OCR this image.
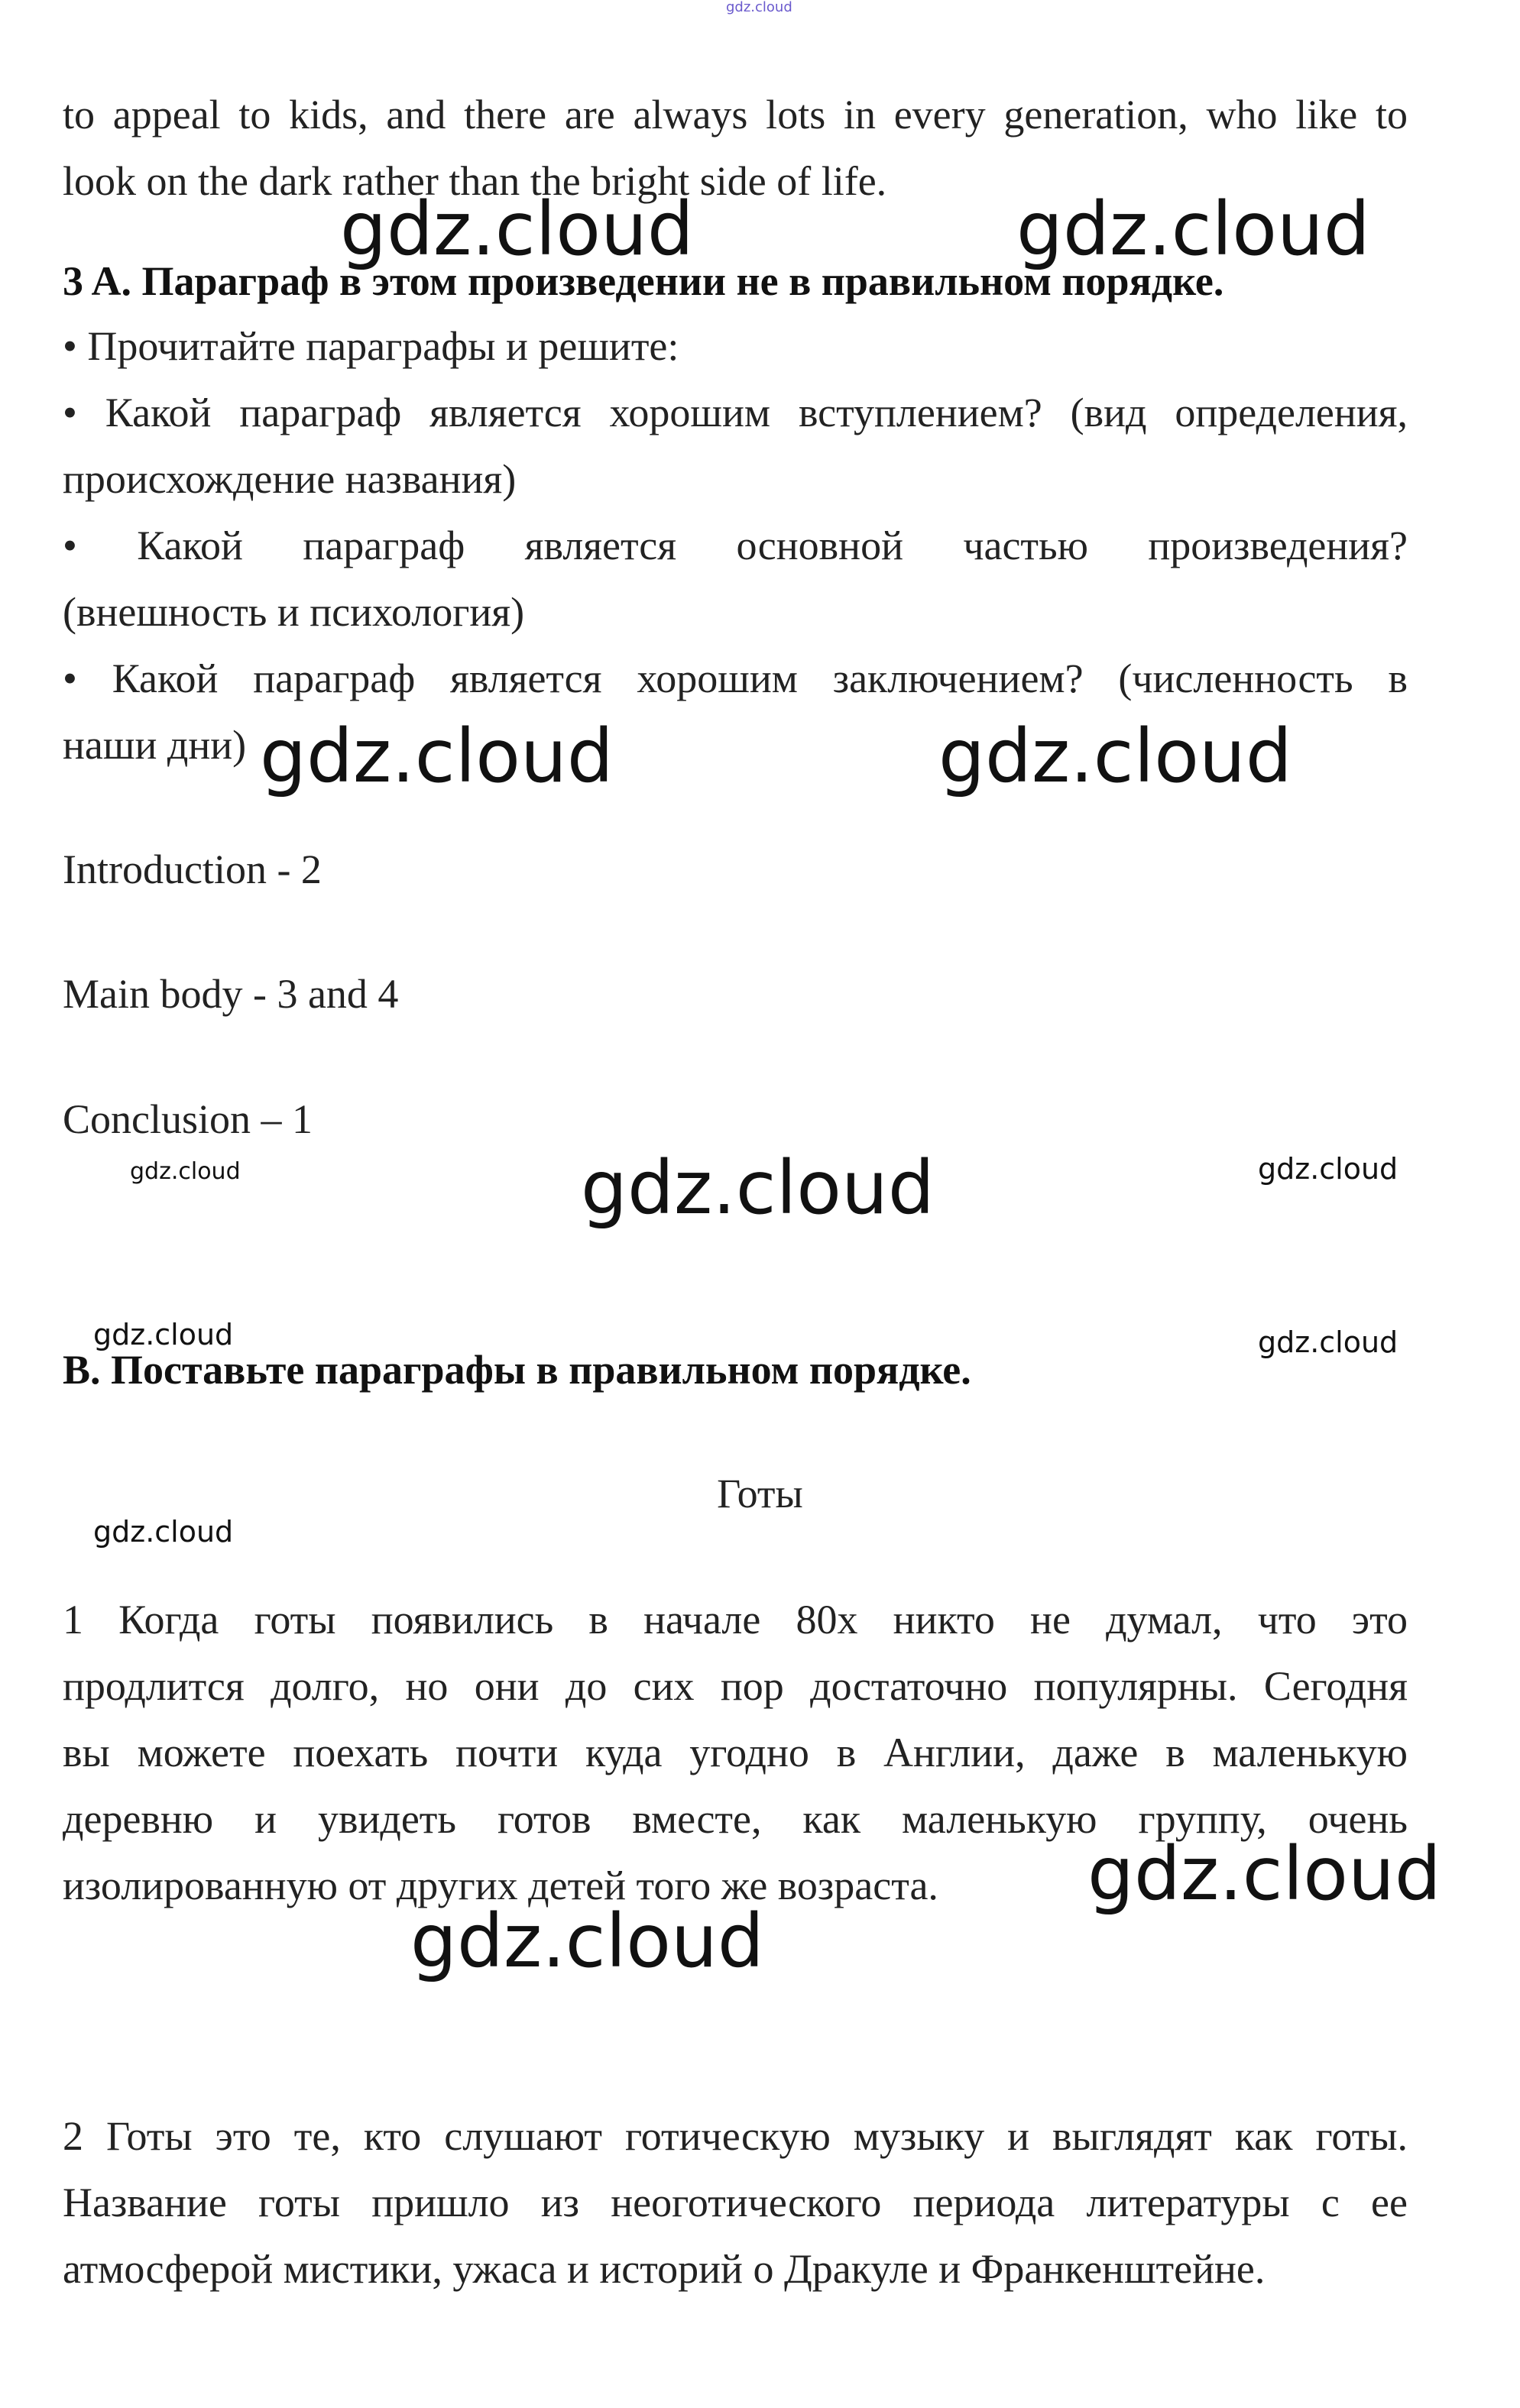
gdz.cloud
to appeal to kids, and there are always lots in every generation, who like to
look on the dark rather than the bright side of life.
gdz.cloud	gdz.cloud
3 A. Параграф в этом произведении не в правильном порядке.
• Прочитайте параграфы и решите:
• Какой параграф является хорошим вступлением? (вид определения,
происхождение названия)
• Какой параграф является основной частью произведения?
(внешность и психология)
• Какой параграф является хорошим заключением? (численность в
наши дни) gdz.cloud	gdz.cloud
Introduction - 2
Main body - 3 and 4
Conclusion – 1
gdz.cloud	gdz.cloud	gdz.cloud
gdz.cloud	gdz.cloud
B. Поставьте параграфы в правильном порядке.
Готы
gdz.cloud
1 Когда готы появились в начале 80х никто не думал, что это
продлится долго, но они до сих пор достаточно популярны. Сегодня
вы можете поехать почти куда угодно в Англии, даже в маленькую
деревню и увидеть готов вместе, как маленькую группу, очень
изолированную от других детей того же возраста.	gdz.cloud
gdz.cloud
2 Готы это те, кто слушают готическую музыку и выглядят как готы.
Название готы пришло из неоготического периода литературы с ее
атмосферой мистики, ужаса и историй о Дракуле и Франкенштейне.
